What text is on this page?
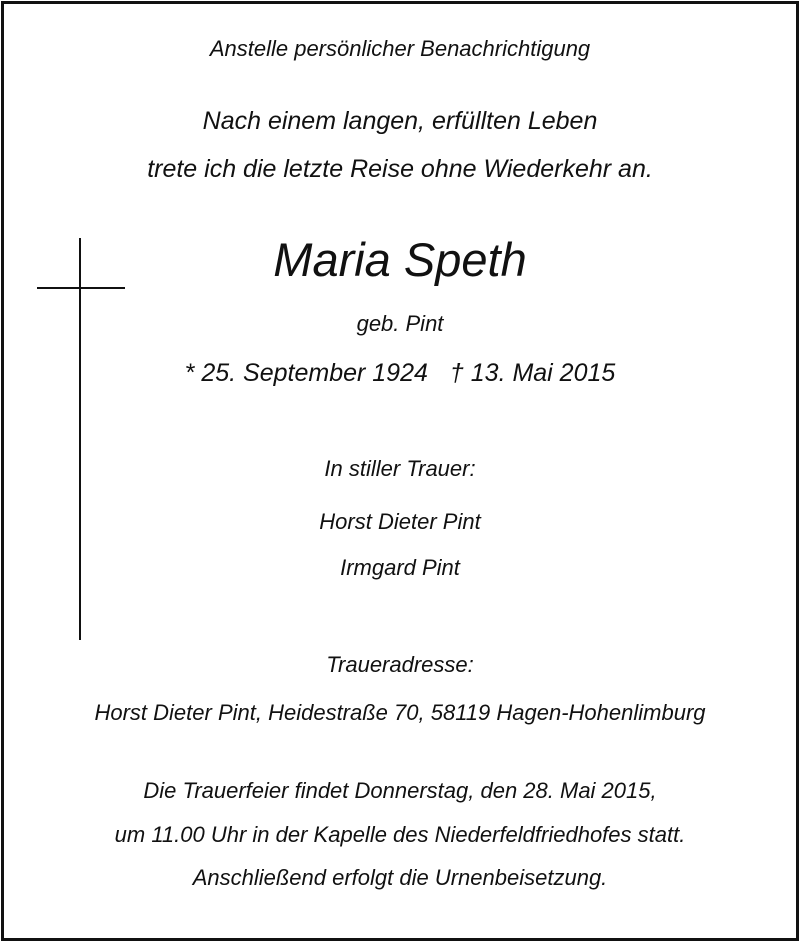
Anstelle persönlicher Benachrichtigung
Nach einem langen, erfüllten Leben
trete ich die letzte Reise ohne Wiederkehr an.
Maria Speth
geb. Pint
* 25. September 1924 † 13. Mai 2015
In stiller Trauer:
Horst Dieter Pint
Irmgard Pint
Traueradresse:
Horst Dieter Pint, Heidestraße 70, 58119 Hagen-Hohenlimburg
Die Trauerfeier findet Donnerstag, den 28. Mai 2015,
um 11.00 Uhr in der Kapelle des Niederfeldfriedhofes statt.
Anschließend erfolgt die Urnenbeisetzung.
